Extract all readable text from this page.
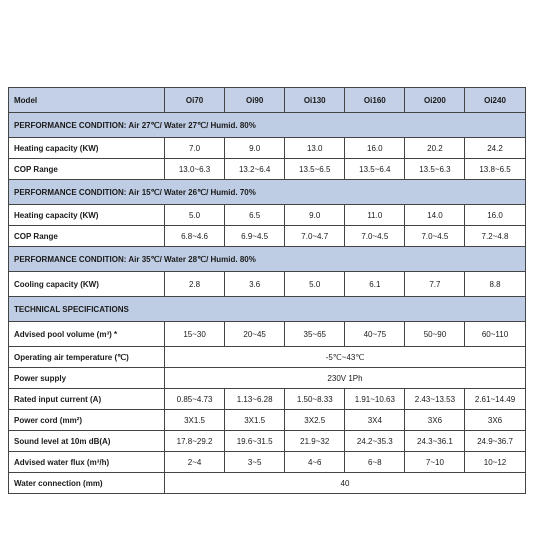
Model	Oi70	Oi90	Oi130	Oi160	Oi200	Oi240
PERFORMANCE CONDITION: Air 27℃/ Water 27℃/ Humid. 80%
Heating capacity (KW)	7.0	9.0	13.0	16.0	20.2	24.2
COP Range	13.0~6.3	13.2~6.4	13.5~6.5	13.5~6.4	13.5~6.3	13.8~6.5
PERFORMANCE CONDITION: Air 15℃/ Water 26℃/ Humid. 70%
Heating capacity (KW)	5.0	6.5	9.0	11.0	14.0	16.0
COP Range	6.8~4.6	6.9~4.5	7.0~4.7	7.0~4.5	7.0~4.5	7.2~4.8
PERFORMANCE CONDITION: Air 35℃/ Water 28℃/ Humid. 80%
Cooling capacity (KW)	2.8	3.6	5.0	6.1	7.7	8.8
TECHNICAL SPECIFICATIONS
Advised pool volume (m³) *	15~30	20~45	35~65	40~75	50~90	60~110
Operating air temperature (℃)	-5℃~43℃
Power supply	230V 1Ph
Rated input current (A)	0.85~4.73	1.13~6.28	1.50~8.33	1.91~10.63	2.43~13.53	2.61~14.49
Power cord (mm²)	3X1.5	3X1.5	3X2.5	3X4	3X6	3X6
Sound level at 10m dB(A)	17.8~29.2	19.6~31.5	21.9~32	24.2~35.3	24.3~36.1	24.9~36.7
Advised water flux (m³/h)	2~4	3~5	4~6	6~8	7~10	10~12
Water connection (mm)	40
